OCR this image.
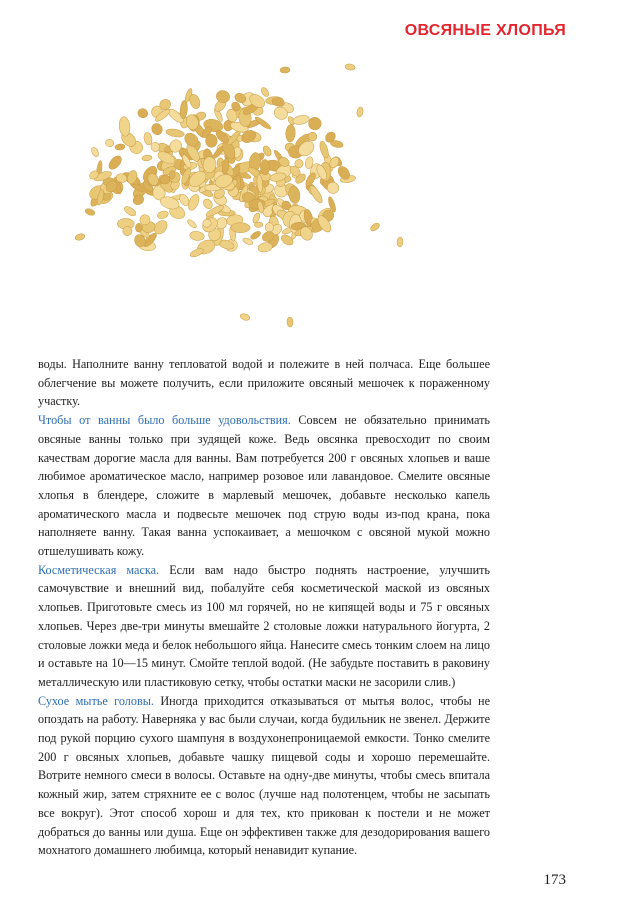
ОВСЯНЫЕ ХЛОПЬЯ

воды. Наполните ванну тепловатой водой и полежите в ней полчаса. Еще большее облегчение вы можете получить, если приложите овсяный мешочек к пораженному участку.

Чтобы от ванны было больше удовольствия. Совсем не обязательно принимать овсяные ванны только при зудящей коже. Ведь овсянка превосходит по своим качествам дорогие масла для ванны. Вам потребуется 200 г овсяных хлопьев и ваше любимое ароматическое масло, например розовое или лавандовое. Смелите овсяные хлопья в блендере, сложите в марлевый мешочек, добавьте несколько капель ароматического масла и подвесьте мешочек под струю воды из-под крана, пока наполняете ванну. Такая ванна успокаивает, а мешочком с овсяной мукой можно отшелушивать кожу.

Косметическая маска. Если вам надо быстро поднять настроение, улучшить самочувствие и внешний вид, побалуйте себя косметической маской из овсяных хлопьев. Приготовьте смесь из 100 мл горячей, но не кипящей воды и 75 г овсяных хлопьев. Через две-три минуты вмешайте 2 столовые ложки натурального йогурта, 2 столовые ложки меда и белок небольшого яйца. Нанесите смесь тонким слоем на лицо и оставьте на 10—15 минут. Смойте теплой водой. (Не забудьте поставить в раковину металлическую или пластиковую сетку, чтобы остатки маски не засорили слив.)

Сухое мытье головы. Иногда приходится отказываться от мытья волос, чтобы не опоздать на работу. Наверняка у вас были случаи, когда будильник не звенел. Держите под рукой порцию сухого шампуня в воздухонепроницаемой емкости. Тонко смелите 200 г овсяных хлопьев, добавьте чашку пищевой соды и хорошо перемешайте. Вотрите немного смеси в волосы. Оставьте на одну-две минуты, чтобы смесь впитала кожный жир, затем стряхните ее с волос (лучше над полотенцем, чтобы не засыпать все вокруг). Этот способ хорош и для тех, кто прикован к постели и не может добраться до ванны или душа. Еще он эффективен также для дезодорирования вашего мохнатого домашнего любимца, который ненавидит купание.

173
